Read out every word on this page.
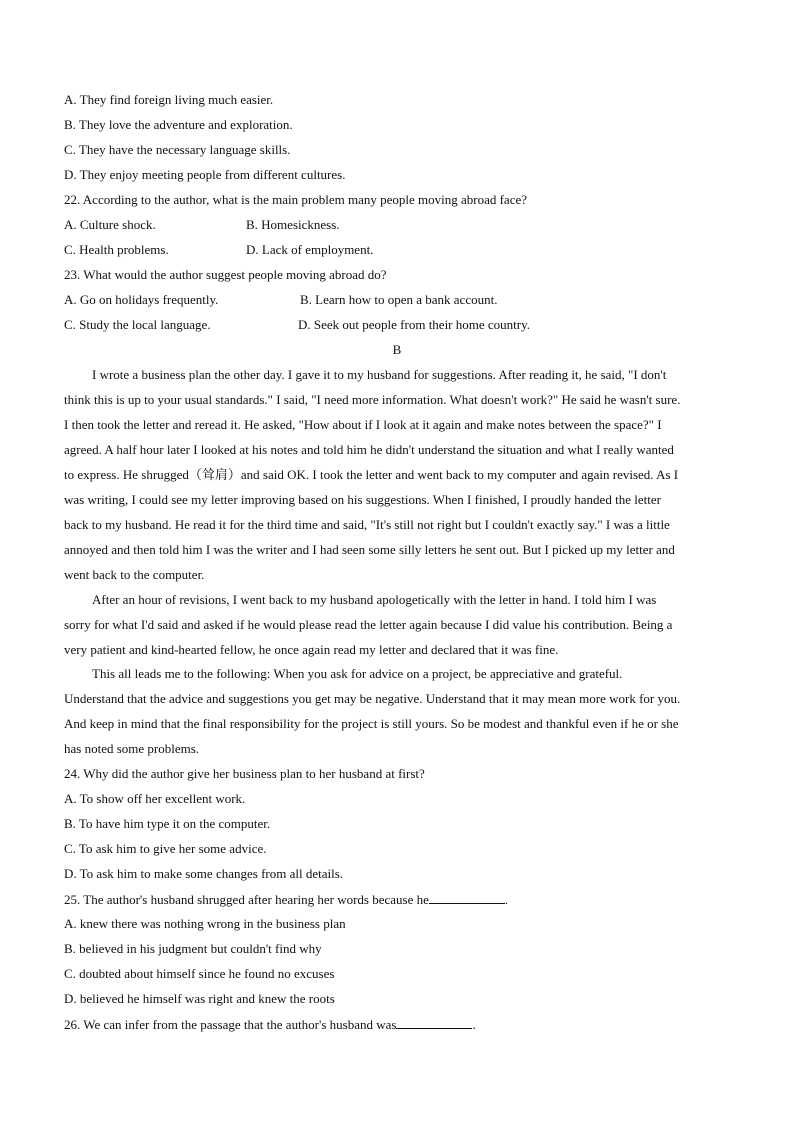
A. They find foreign living much easier.
B. They love the adventure and exploration.
C. They have the necessary language skills.
D. They enjoy meeting people from different cultures.
22. According to the author, what is the main problem many people moving abroad face?

A. Culture shock.

	B. Homesickness.

C. Health problems.

	D. Lack of employment.

23. What would the author suggest people moving abroad do?

A. Go on holidays frequently.

	B. Learn how to open a bank account.

C. Study the local language.

	D. Seek out people from their home country.

B
I wrote a business plan the other day. I gave it to my husband for suggestions. After reading it, he said, "I don't
think this is up to your usual standards." I said, "I need more information. What doesn't work?" He said he wasn't sure.
I then took the letter and reread it. He asked, "How about if I look at it again and make notes between the space?" I
agreed. A half hour later I looked at his notes and told him he didn't understand the situation and what I really wanted
to express. He shrugged（耸肩）and said OK. I took the letter and went back to my computer and again revised. As I
was writing, I could see my letter improving based on his suggestions. When I finished, I proudly handed the letter
back to my husband. He read it for the third time and said, "It's still not right but I couldn't exactly say." I was a little
annoyed and then told him I was the writer and I had seen some silly letters he sent out. But I picked up my letter and
went back to the computer.
After an hour of revisions, I went back to my husband apologetically with the letter in hand. I told him I was
sorry for what I'd said and asked if he would please read the letter again because I did value his contribution. Being a
very patient and kind-hearted fellow, he once again read my letter and declared that it was fine.
This all leads me to the following: When you ask for advice on a project, be appreciative and grateful.
Understand that the advice and suggestions you get may be negative. Understand that it may mean more work for you.
And keep in mind that the final responsibility for the project is still yours. So be modest and thankful even if he or she
has noted some problems.
24. Why did the author give her business plan to her husband at first?
A. To show off her excellent work.
B. To have him type it on the computer.
C. To ask him to give her some advice.
D. To ask him to make some changes from all details.
25. The author's husband shrugged after hearing her words because he	.
A. knew there was nothing wrong in the business plan
B. believed in his judgment but couldn't find why
C. doubted about himself since he found no excuses
D. believed he himself was right and knew the roots
26. We can infer from the passage that the author's husband was	.
